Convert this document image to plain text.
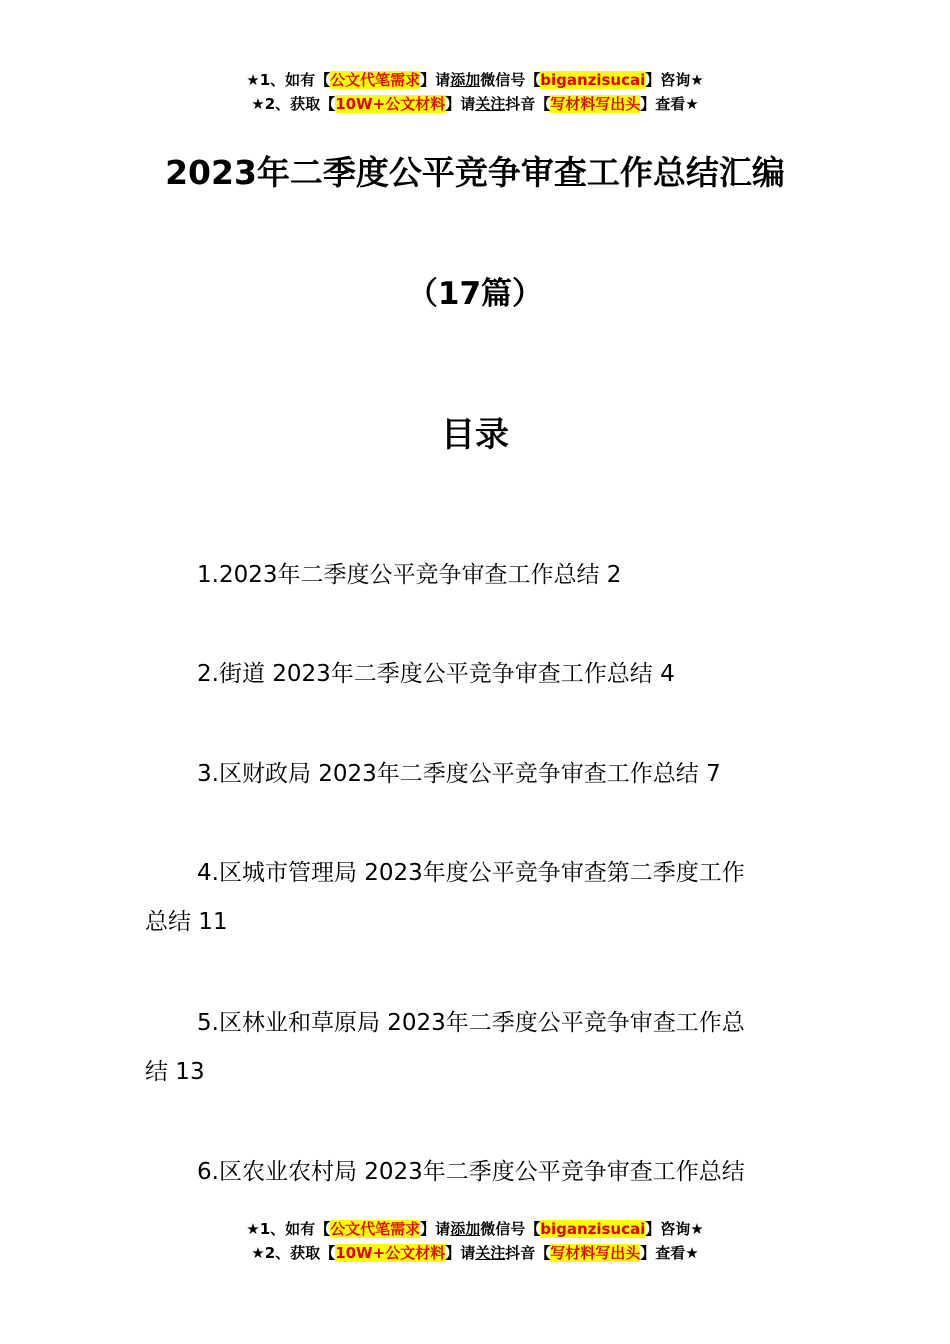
★1、如有【公文代笔需求】请添加微信号【biganzisucai】咨询★
★2、获取【10W+公文材料】请关注抖音【写材料写出头】查看★
2023年二季度公平竞争审查工作总结汇编
（17篇）
目录
1.2023年二季度公平竞争审查工作总结 2
2.街道 2023年二季度公平竞争审查工作总结 4
3.区财政局 2023年二季度公平竞争审查工作总结 7
4.区城市管理局 2023年度公平竞争审查第二季度工作
总结 11
5.区林业和草原局 2023年二季度公平竞争审查工作总
结 13
6.区农业农村局 2023年二季度公平竞争审查工作总结
★1、如有【公文代笔需求】请添加微信号【biganzisucai】咨询★
★2、获取【10W+公文材料】请关注抖音【写材料写出头】查看★
